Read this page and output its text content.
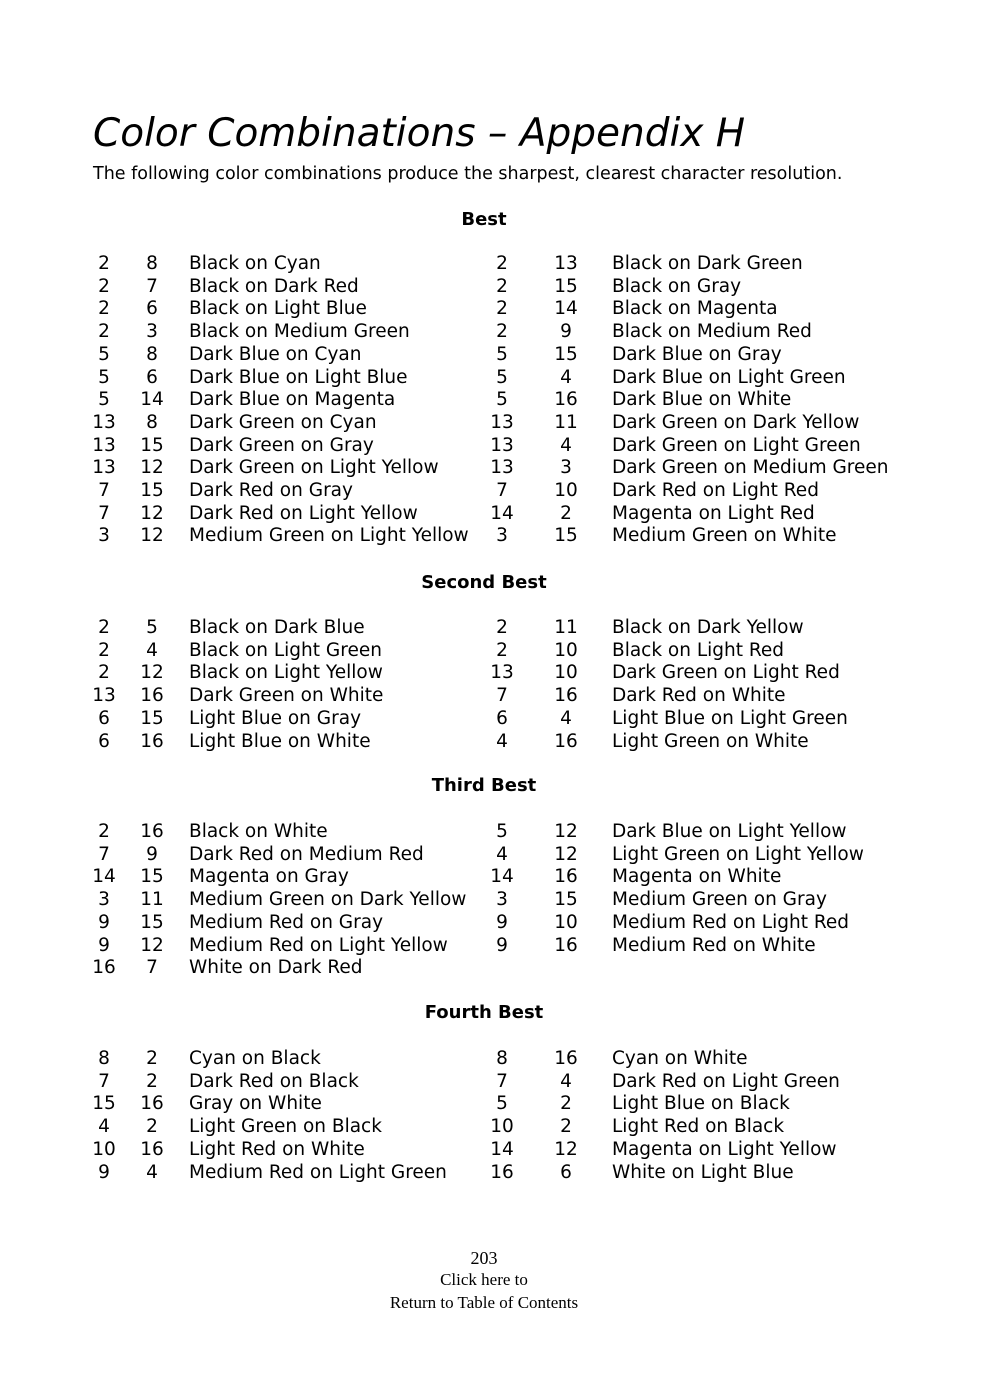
Color Combinations – Appendix H
The following color combinations produce the sharpest, clearest character resolution.
Best
2	8	Black on Cyan	2	13	Black on Dark Green
2	7	Black on Dark Red	2	15	Black on Gray
2	6	Black on Light Blue	2	14	Black on Magenta
2	3	Black on Medium Green	2	9	Black on Medium Red
5	8	Dark Blue on Cyan	5	15	Dark Blue on Gray
5	6	Dark Blue on Light Blue	5	4	Dark Blue on Light Green
5	14	Dark Blue on Magenta	5	16	Dark Blue on White
13	8	Dark Green on Cyan	13	11	Dark Green on Dark Yellow
13	15	Dark Green on Gray	13	4	Dark Green on Light Green
13	12	Dark Green on Light Yellow	13	3	Dark Green on Medium Green
7	15	Dark Red on Gray	7	10	Dark Red on Light Red
7	12	Dark Red on Light Yellow	14	2	Magenta on Light Red
3	12	Medium Green on Light Yellow	3	15	Medium Green on White
Second Best
2	5	Black on Dark Blue	2	11	Black on Dark Yellow
2	4	Black on Light Green	2	10	Black on Light Red
2	12	Black on Light Yellow	13	10	Dark Green on Light Red
13	16	Dark Green on White	7	16	Dark Red on White
6	15	Light Blue on Gray	6	4	Light Blue on Light Green
6	16	Light Blue on White	4	16	Light Green on White
Third Best
2	16	Black on White	5	12	Dark Blue on Light Yellow
7	9	Dark Red on Medium Red	4	12	Light Green on Light Yellow
14	15	Magenta on Gray	14	16	Magenta on White
3	11	Medium Green on Dark Yellow	3	15	Medium Green on Gray
9	15	Medium Red on Gray	9	10	Medium Red on Light Red
9	12	Medium Red on Light Yellow	9	16	Medium Red on White
16	7	White on Dark Red
Fourth Best
8	2	Cyan on Black	8	16	Cyan on White
7	2	Dark Red on Black	7	4	Dark Red on Light Green
15	16	Gray on White	5	2	Light Blue on Black
4	2	Light Green on Black	10	2	Light Red on Black
10	16	Light Red on White	14	12	Magenta on Light Yellow
9	4	Medium Red on Light Green	16	6	White on Light Blue
203
Click here to
Return to Table of Contents
